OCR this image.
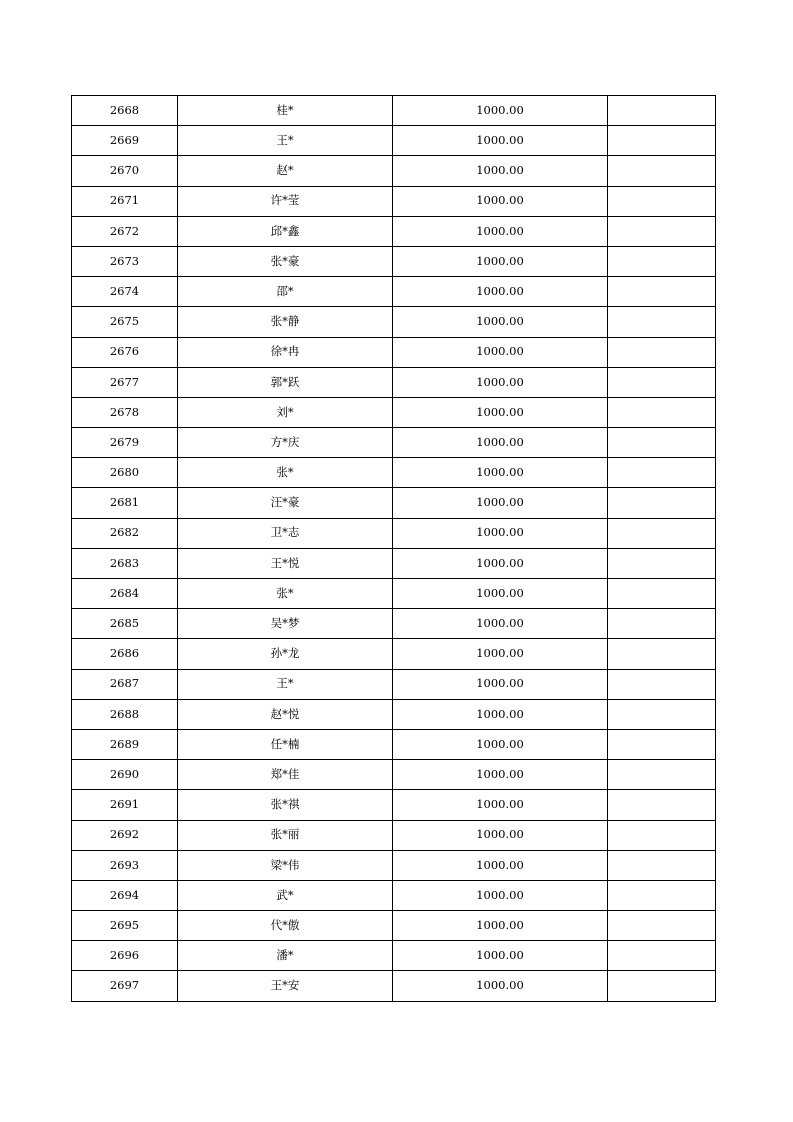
2668	桂*	1000.00	
2669	王*	1000.00	
2670	赵*	1000.00	
2671	许*莹	1000.00	
2672	邱*鑫	1000.00	
2673	张*豪	1000.00	
2674	邵*	1000.00	
2675	张*静	1000.00	
2676	徐*冉	1000.00	
2677	郭*跃	1000.00	
2678	刘*	1000.00	
2679	方*庆	1000.00	
2680	张*	1000.00	
2681	汪*豪	1000.00	
2682	卫*志	1000.00	
2683	王*悦	1000.00	
2684	张*	1000.00	
2685	吴*梦	1000.00	
2686	孙*龙	1000.00	
2687	王*	1000.00	
2688	赵*悦	1000.00	
2689	任*楠	1000.00	
2690	郑*佳	1000.00	
2691	张*祺	1000.00	
2692	张*丽	1000.00	
2693	梁*伟	1000.00	
2694	武*	1000.00	
2695	代*傲	1000.00	
2696	潘*	1000.00	
2697	王*安	1000.00	
